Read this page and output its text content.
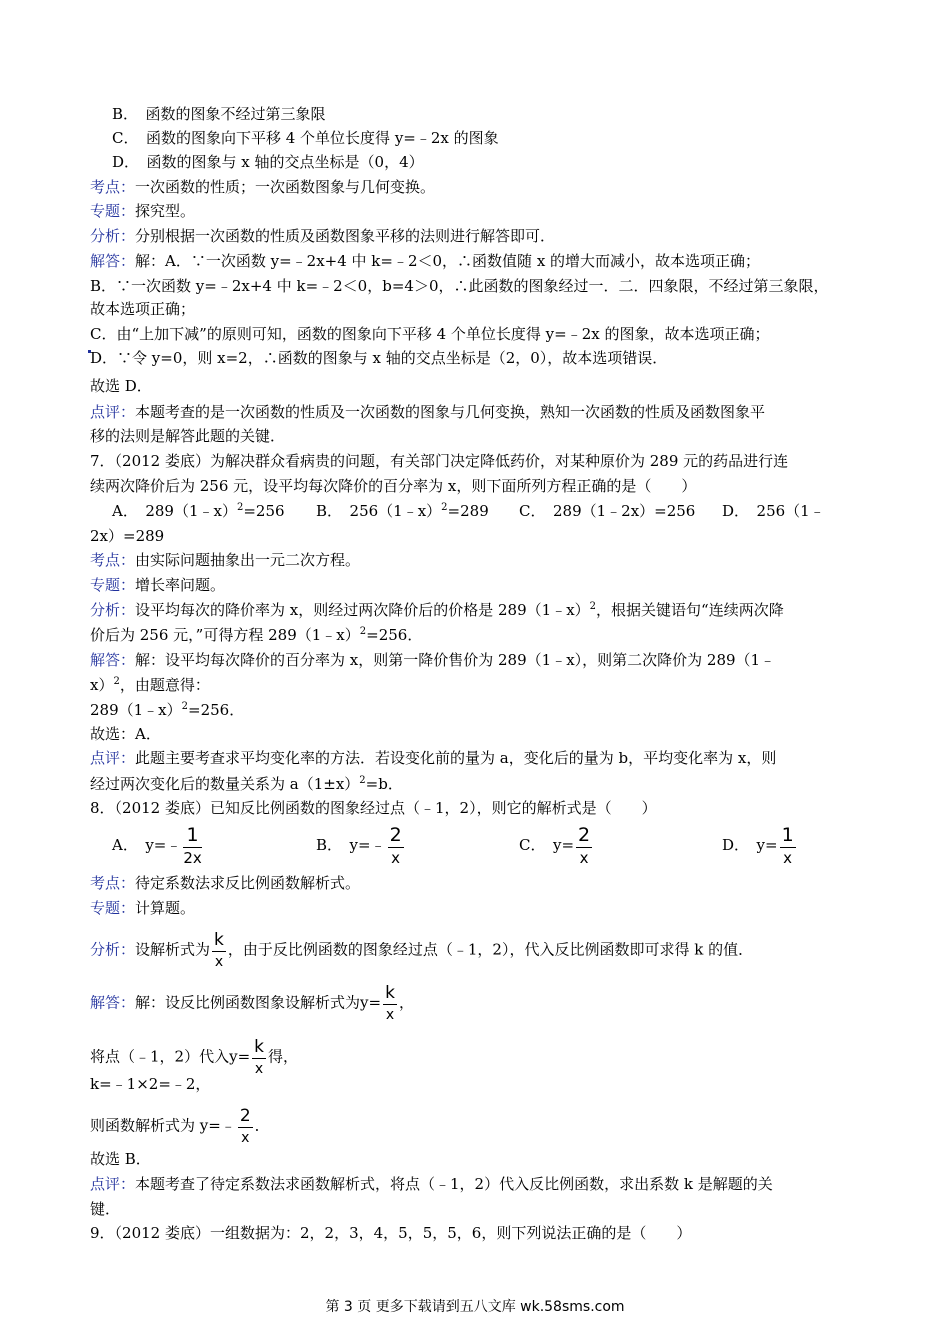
B．　函数的图象不经过第三象限
C．　函数的图象向下平移 4 个单位长度得 y=﹣2x 的图象
D．　函数的图象与 x 轴的交点坐标是（0，4）
考点：一次函数的性质；一次函数图象与几何变换。
专题：探究型。
分析：分别根据一次函数的性质及函数图象平移的法则进行解答即可．
解答：解：A．∵一次函数 y=﹣2x+4 中 k=﹣2＜0，∴函数值随 x 的增大而减小，故本选项正确；
B．∵一次函数 y=﹣2x+4 中 k=﹣2＜0，b=4＞0，∴此函数的图象经过一．二．四象限，不经过第三象限，
故本选项正确；
C．由“上加下减”的原则可知，函数的图象向下平移 4 个单位长度得 y=﹣2x 的图象，故本选项正确；
D．∵令 y=0，则 x=2，∴函数的图象与 x 轴的交点坐标是（2，0），故本选项错误．
故选 D．
点评：本题考查的是一次函数的性质及一次函数的图象与几何变换，熟知一次函数的性质及函数图象平
移的法则是解答此题的关键．
7．（2012 娄底）为解决群众看病贵的问题，有关部门决定降低药价，对某种原价为 289 元的药品进行连
续两次降价后为 256 元，设平均每次降价的百分率为 x，则下面所列方程正确的是（　　）
A．　289（1﹣x）$^2$=256 B．　256（1﹣x）$^2$=289 C．　289（1﹣2x）=256 D．　256（1﹣
2x）=289
考点：由实际问题抽象出一元二次方程。
专题：增长率问题。
分析：设平均每次的降价率为 x，则经过两次降价后的价格是 289（1﹣x）$^2$，根据关键语句“连续两次降
价后为 256 元，”可得方程 289（1﹣x）$^2$=256．
解答：解：设平均每次降价的百分率为 x，则第一降价售价为 289（1﹣x），则第二次降价为 289（1﹣
x）$^2$，由题意得：
289（1﹣x）$^2$=256．
故选：A．
点评：此题主要考查求平均变化率的方法．若设变化前的量为 a，变化后的量为 b，平均变化率为 x，则
经过两次变化后的数量关系为 $a(1\pm x)^2=b$．
8．（2012 娄底）已知反比例函数的图象经过点（﹣1，2），则它的解析式是（　　）
A．　y=﹣ $\frac{1}{2x}$	B．　y=﹣ $\frac{2}{x}$	C．　$y= \frac{2}{x}$	D．　$y= \frac{1}{x}$
考点：待定系数法求反比例函数解析式。
专题：计算题。
分析：设解析式为 $\frac{k}{x}$ ，由于反比例函数的图象经过点（﹣1，2），代入反比例函数即可求得 k 的值．
解答：解：设反比例函数图象设解析式为$y= \frac{k}{x}$ ，
将点（﹣1，2）代入$y= \frac{k}{x}$ 得，
k=﹣1×2=﹣2，
则函数解析式为 y=﹣ $\frac{2}{x}$ ．
故选 B．
点评：本题考查了待定系数法求函数解析式，将点（﹣1，2）代入反比例函数，求出系数 k 是解题的关
键．
9．（2012 娄底）一组数据为：2，2，3，4，5，5，5，6，则下列说法正确的是（　　）
第 3 页 更多下载请到五八文库 wk.58sms.com
